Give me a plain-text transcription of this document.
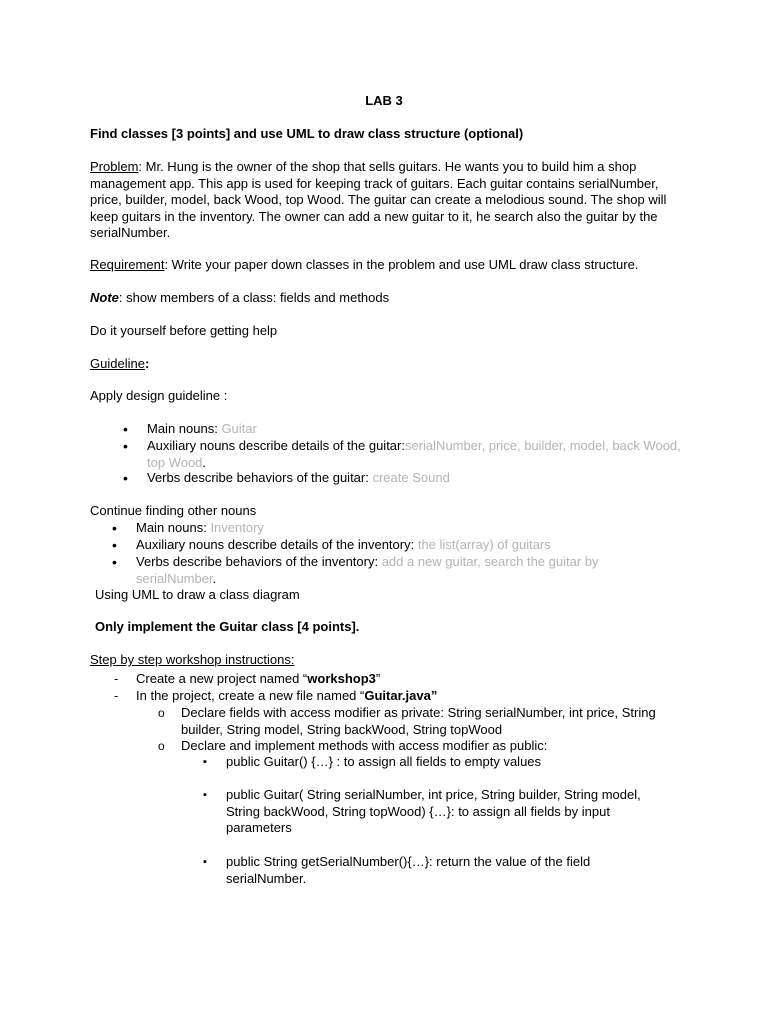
LAB 3

Find classes [3 points] and use UML to draw class structure (optional)

Problem: Mr. Hung is the owner of the shop that sells guitars. He wants you to build him a shop management app. This app is used for keeping track of guitars. Each guitar contains serialNumber, price, builder, model, back Wood, top Wood. The guitar can create a melodious sound. The shop will keep guitars in the inventory. The owner can add a new guitar to it, he search also the guitar by the serialNumber.

Requirement: Write your paper down classes in the problem and use UML draw class structure.

Note: show members of a class: fields and methods

Do it yourself before getting help

Guideline:

Apply design guideline :

• Main nouns: Guitar
• Auxiliary nouns describe details of the guitar:serialNumber, price, builder, model, back Wood, top Wood.
• Verbs describe behaviors of the guitar: create Sound

Continue finding other nouns

• Main nouns: Inventory
• Auxiliary nouns describe details of the inventory: the list(array) of guitars
• Verbs describe behaviors of the inventory: add a new guitar, search the guitar by serialNumber.

Using UML to draw a class diagram

Only implement the Guitar class [4 points].

Step by step workshop instructions:

- Create a new project named “workshop3”
- In the project, create a new file named “Guitar.java”
o Declare fields with access modifier as private: String serialNumber, int price, String builder, String model, String backWood, String topWood
o Declare and implement methods with access modifier as public:
▪ public Guitar() {…} : to assign all fields to empty values
▪ public Guitar( String serialNumber, int price, String builder, String model, String backWood, String topWood) {…}: to assign all fields by input parameters
▪ public String getSerialNumber(){…}: return the value of the field serialNumber.
